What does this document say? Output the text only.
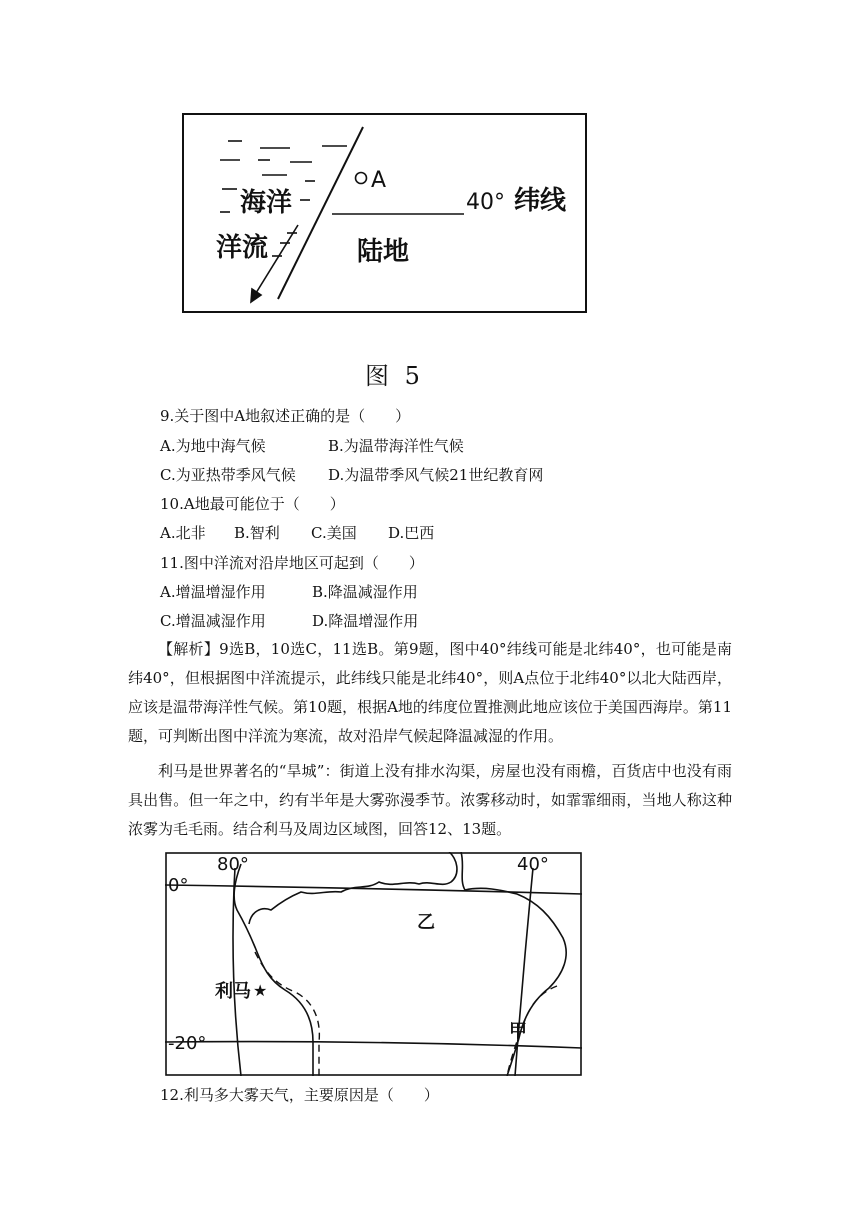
A
40° 纬线
海洋
洋流	陆地
图 5
9.关于图中A地叙述正确的是（　　）
A.为地中海气候	B.为温带海洋性气候
C.为亚热带季风气候 D.为温带季风气候21世纪教育网
10.A地最可能位于（　　）
A.北非 B.智利 C.美国 D.巴西
11.图中洋流对沿岸地区可起到（　　）
A.增温增湿作用	B.降温减湿作用
C.增温减湿作用	D.降温增湿作用
【解析】9选B，10选C，11选B。第9题，图中40°纬线可能是北纬40°，也可能是南纬40°，但根据图中洋流提示，此纬线只能是北纬40°，则A点位于北纬40°以北大陆西岸，应该是温带海洋性气候。第10题，根据A地的纬度位置推测此地应该位于美国西海岸。第11题，可判断出图中洋流为寒流，故对沿岸气候起降温减湿的作用。
利马是世界著名的“旱城”：街道上没有排水沟渠，房屋也没有雨檐，百货店中也没有雨具出售。但一年之中，约有半年是大雾弥漫季节。浓雾移动时，如霏霏细雨，当地人称这种浓雾为毛毛雨。结合利马及周边区域图，回答12、13题。
80°	40°
0°
-20°
乙
利马 ★
甲
12.利马多大雾天气，主要原因是（　　）
